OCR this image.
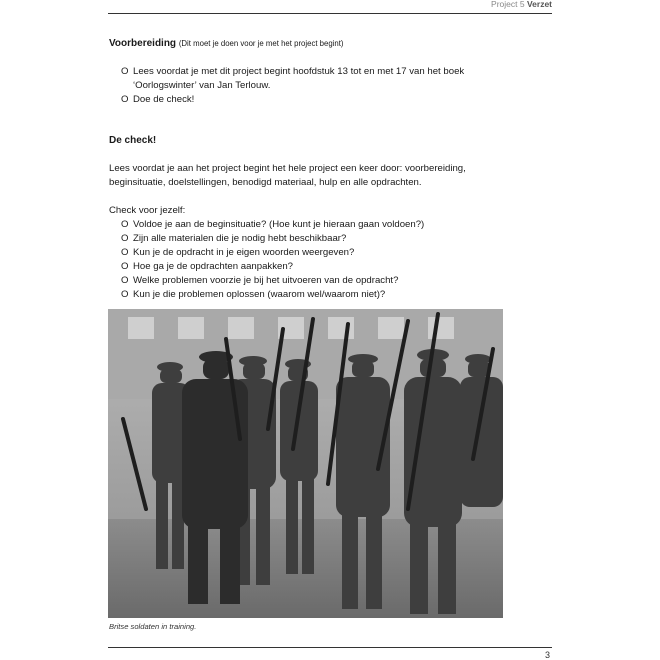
Project 5 Verzet
Voorbereiding (Dit moet je doen voor je met het project begint)
O Lees voordat je met dit project begint hoofdstuk 13 tot en met 17 van het boek ‘Oorlogswinter’ van Jan Terlouw.
O Doe de check!
De check!
Lees voordat je aan het project begint het hele project een keer door: voorbereiding, beginsituatie, doelstellingen, benodigd materiaal, hulp en alle opdrachten.
Check voor jezelf:
O Voldoe je aan de beginsituatie? (Hoe kunt je hieraan gaan voldoen?)
O Zijn alle materialen die je nodig hebt beschikbaar?
O Kun je de opdracht in je eigen woorden weergeven?
O Hoe ga je de opdrachten aanpakken?
O Welke problemen voorzie je bij het uitvoeren van de opdracht?
O Kun je die problemen oplossen (waarom wel/waarom niet)?
Britse soldaten in training.
3
